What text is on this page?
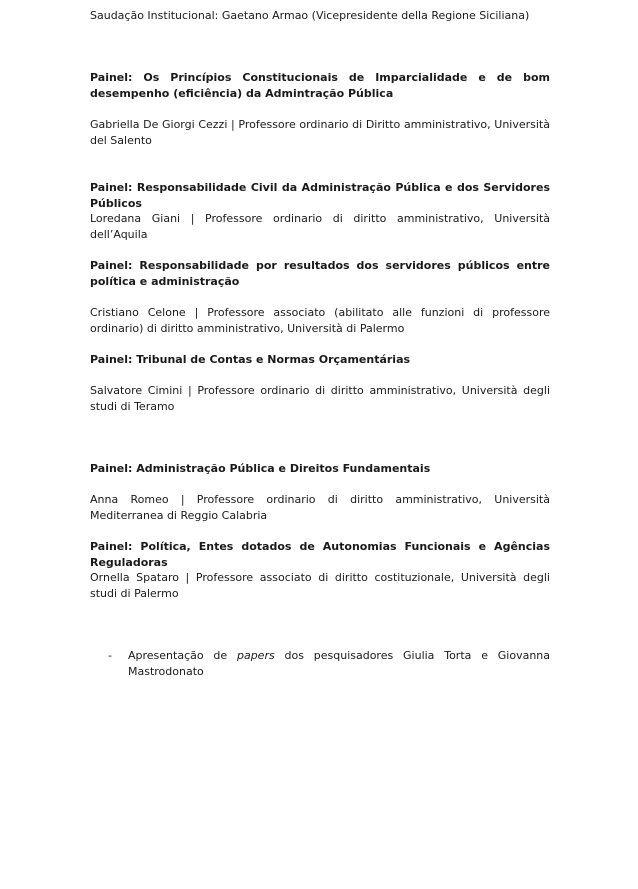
Saudação Institucional: Gaetano Armao (Vicepresidente della Regione Siciliana)
Painel: Os Princípios Constitucionais de Imparcialidade e de bom desempenho (eficiência) da Admintração Pública
Gabriella De Giorgi Cezzi | Professore ordinario di Diritto amministrativo, Università del Salento
Painel: Responsabilidade Civil da Administração Pública e dos Servidores Públicos
Loredana Giani | Professore ordinario di diritto amministrativo, Università dell’Aquila
Painel: Responsabilidade por resultados dos servidores públicos entre política e administração
Cristiano Celone | Professore associato (abilitato alle funzioni di professore ordinario) di diritto amministrativo, Università di Palermo
Painel: Tribunal de Contas e Normas Orçamentárias
Salvatore Cimini | Professore ordinario di diritto amministrativo, Università degli studi di Teramo
Painel: Administração Pública e Direitos Fundamentais
Anna Romeo | Professore ordinario di diritto amministrativo, Università Mediterranea di Reggio Calabria
Painel: Política, Entes dotados de Autonomias Funcionais e Agências Reguladoras
Ornella Spataro | Professore associato di diritto costituzionale, Università degli studi di Palermo
- Apresentação de papers dos pesquisadores Giulia Torta e Giovanna Mastrodonato
